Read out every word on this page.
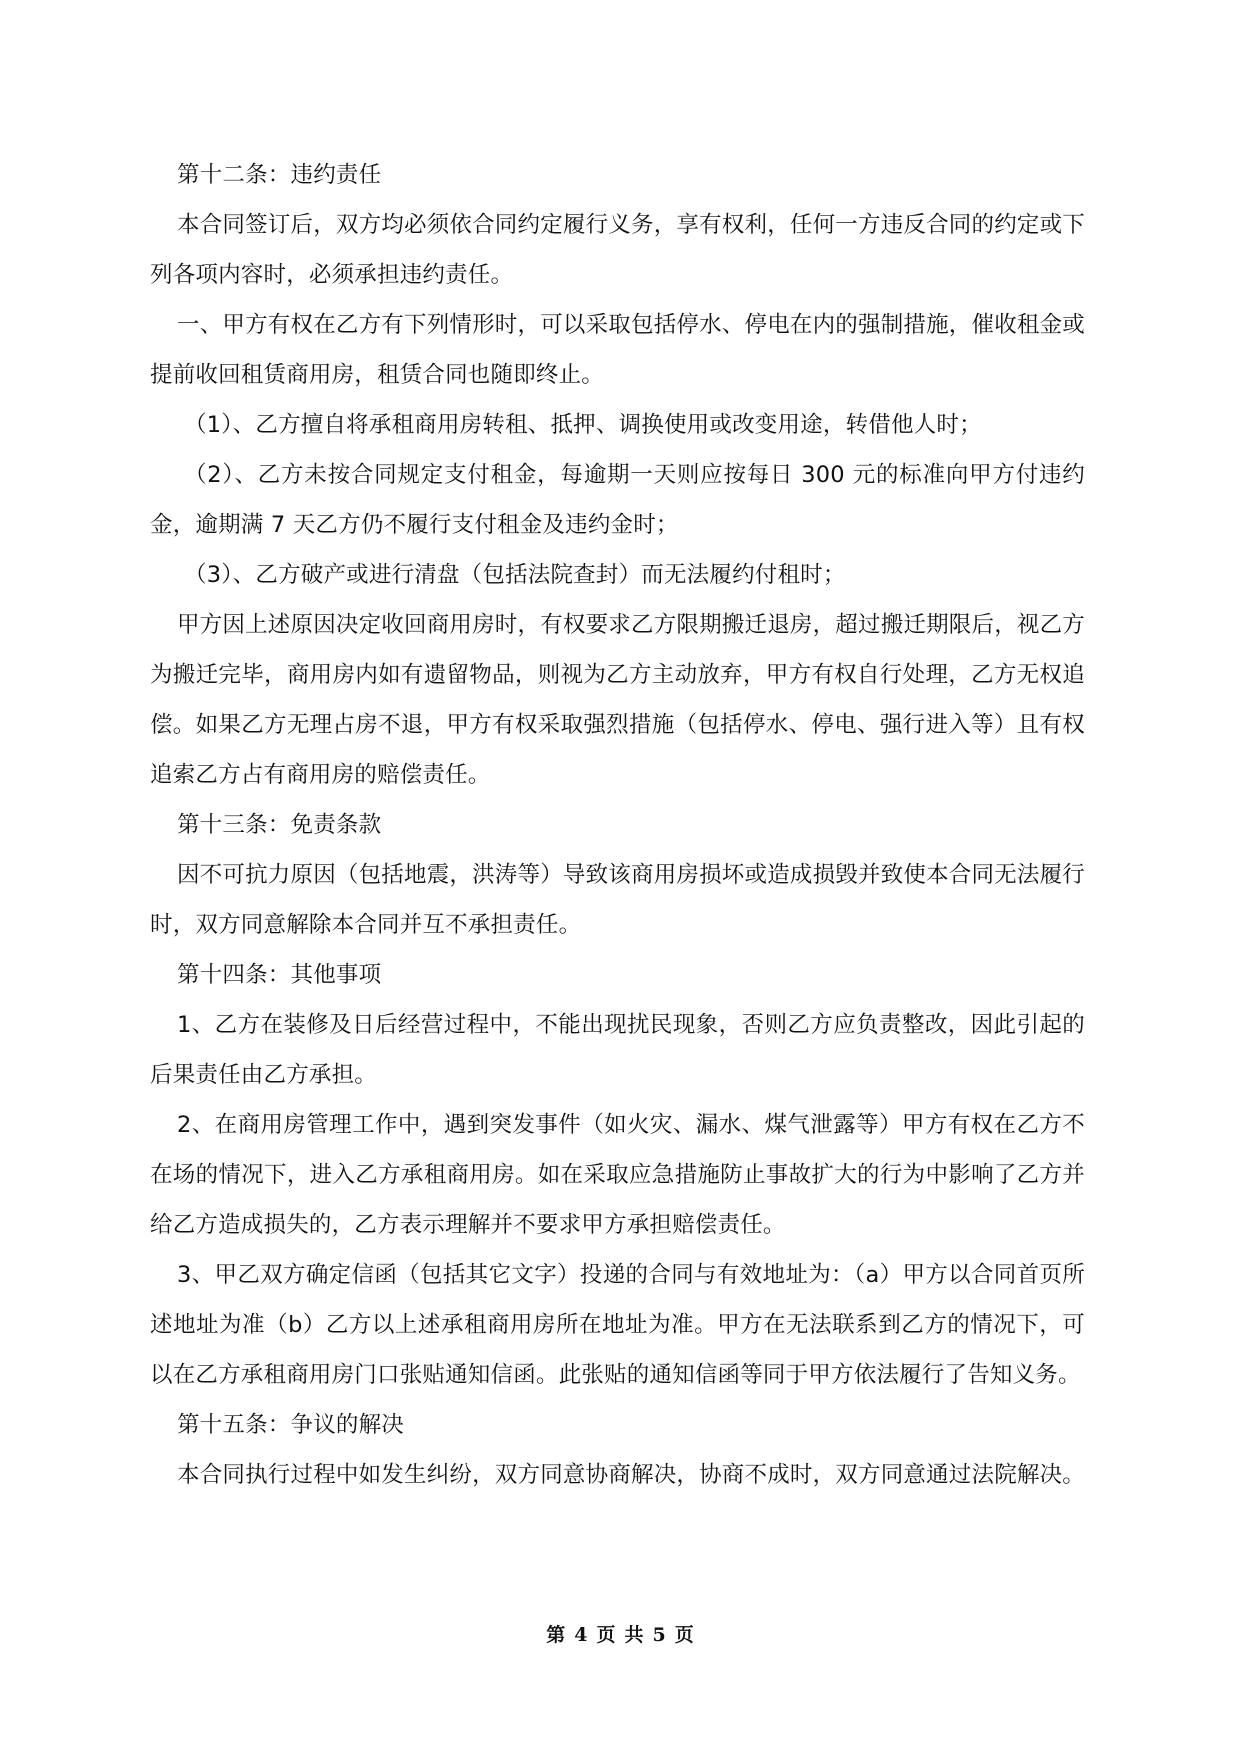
第十二条：违约责任

本合同签订后，双方均必须依合同约定履行义务，享有权利，任何一方违反合同的约定或下列各项内容时，必须承担违约责任。

一、甲方有权在乙方有下列情形时，可以采取包括停水、停电在内的强制措施，催收租金或提前收回租赁商用房，租赁合同也随即终止。

（1）、乙方擅自将承租商用房转租、抵押、调换使用或改变用途，转借他人时；

（2）、乙方未按合同规定支付租金，每逾期一天则应按每日 300 元的标准向甲方付违约金，逾期满 7 天乙方仍不履行支付租金及违约金时；

（3）、乙方破产或进行清盘（包括法院查封）而无法履约付租时；

甲方因上述原因决定收回商用房时，有权要求乙方限期搬迁退房，超过搬迁期限后，视乙方为搬迁完毕，商用房内如有遗留物品，则视为乙方主动放弃，甲方有权自行处理，乙方无权追偿。如果乙方无理占房不退，甲方有权采取强烈措施（包括停水、停电、强行进入等）且有权追索乙方占有商用房的赔偿责任。

第十三条：免责条款

因不可抗力原因（包括地震，洪涛等）导致该商用房损坏或造成损毁并致使本合同无法履行时，双方同意解除本合同并互不承担责任。

第十四条：其他事项

1、乙方在装修及日后经营过程中，不能出现扰民现象，否则乙方应负责整改，因此引起的后果责任由乙方承担。

2、在商用房管理工作中，遇到突发事件（如火灾、漏水、煤气泄露等）甲方有权在乙方不在场的情况下，进入乙方承租商用房。如在采取应急措施防止事故扩大的行为中影响了乙方并给乙方造成损失的，乙方表示理解并不要求甲方承担赔偿责任。

3、甲乙双方确定信函（包括其它文字）投递的合同与有效地址为：（a）甲方以合同首页所述地址为准（b）乙方以上述承租商用房所在地址为准。甲方在无法联系到乙方的情况下，可以在乙方承租商用房门口张贴通知信函。此张贴的通知信函等同于甲方依法履行了告知义务。

第十五条：争议的解决

本合同执行过程中如发生纠纷，双方同意协商解决，协商不成时，双方同意通过法院解决。

第 4 页 共 5 页
